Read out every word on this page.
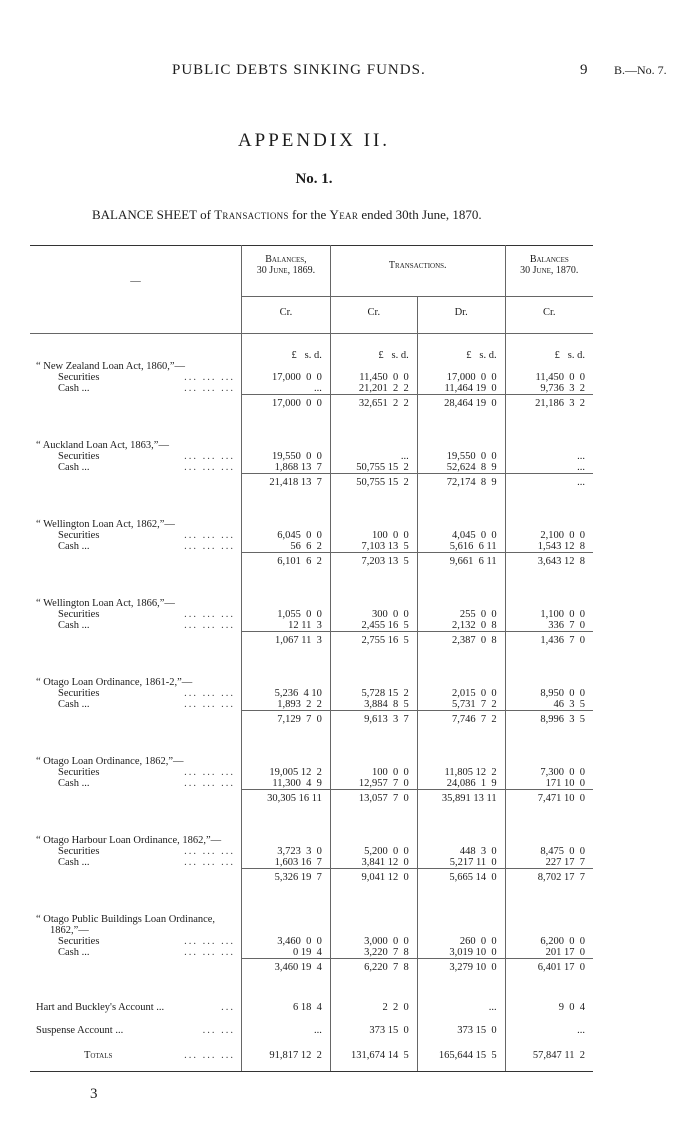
PUBLIC DEBTS SINKING FUNDS.	9 B.—No. 7.
APPENDIX II.
No. 1.
BALANCE SHEET of Transactions for the Year ended 30th June, 1870.
—	Balances,
30 June, 1869.	Transactions.		Balances
30 June, 1870.
	Cr.	Cr.	Dr.	Cr.

	£   s. d.	£   s. d.	£   s. d.	£   s. d.
“ New Zealand Loan Act, 1860,”—				

... ... ...
Securities	17,000  0  0	11,450  0  0	17,000  0  0	11,450  0  0

... ... ...
Cash ...	...	21,201  2  2	11,464 19  0	9,736  3  2
	17,000  0  0	32,651  2  2	28,464 19  0	21,186  3  2

“ Auckland Loan Act, 1863,”—				

... ... ...
Securities	19,550  0  0	...	19,550  0  0	...

... ... ...
Cash ...	1,868 13  7	50,755 15  2	52,624  8  9	...
	21,418 13  7	50,755 15  2	72,174  8  9	...

“ Wellington Loan Act, 1862,”—				

... ... ...
Securities	6,045  0  0	100  0  0	4,045  0  0	2,100  0  0

... ... ...
Cash ...	56  6  2	7,103 13  5	5,616  6 11	1,543 12  8
	6,101  6  2	7,203 13  5	9,661  6 11	3,643 12  8

“ Wellington Loan Act, 1866,”—				

... ... ...
Securities	1,055  0  0	300  0  0	255  0  0	1,100  0  0

... ... ...
Cash ...	12 11  3	2,455 16  5	2,132  0  8	336  7  0
	1,067 11  3	2,755 16  5	2,387  0  8	1,436  7  0

“ Otago Loan Ordinance, 1861-2,”—				

... ... ...
Securities	5,236  4 10	5,728 15  2	2,015  0  0	8,950  0  0

... ... ...
Cash ...	1,893  2  2	3,884  8  5	5,731  7  2	46  3  5
	7,129  7  0	9,613  3  7	7,746  7  2	8,996  3  5

“ Otago Loan Ordinance, 1862,”—				

... ... ...
Securities	19,005 12  2	100  0  0	11,805 12  2	7,300  0  0

... ... ...
Cash ...	11,300  4  9	12,957  7  0	24,086  1  9	171 10  0
	30,305 16 11	13,057  7  0	35,891 13 11	7,471 10  0

“ Otago Harbour Loan Ordinance, 1862,”—				

... ... ...
Securities	3,723  3  0	5,200  0  0	448  3  0	8,475  0  0

... ... ...
Cash ...	1,603 16  7	3,841 12  0	5,217 11  0	227 17  7
	5,326 19  7	9,041 12  0	5,665 14  0	8,702 17  7

“ Otago Public Buildings Loan Ordinance,				
1862,”—				

... ... ...
Securities	3,460  0  0	3,000  0  0	260  0  0	6,200  0  0

... ... ...
Cash ...	0 19  4	3,220  7  8	3,019 10  0	201 17  0
	3,460 19  4	6,220  7  8	3,279 10  0	6,401 17  0

...
Hart and Buckley's Account ...	6 18  4	2  2  0	...	9  0  4

... ...
Suspense Account ...	...	373 15  0	373 15  0	...

... ... ...
Totals	91,817 12  2	131,674 14  5	165,644 15  5	57,847 11  2

3
